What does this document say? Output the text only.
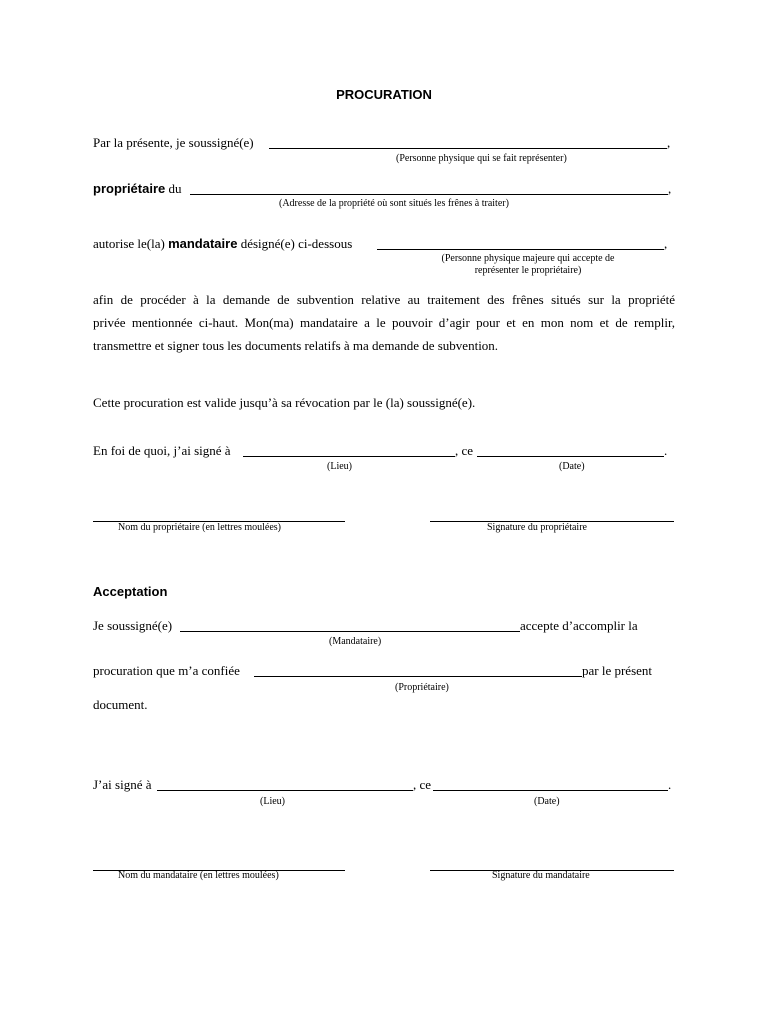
PROCURATION
Par la présente, je soussigné(e)	,
(Personne physique qui se fait représenter)
propriétaire du	,
(Adresse de la propriété où sont situés les frênes à traiter)
autorise le(la) mandataire désigné(e) ci-dessous	,
(Personne physique majeure qui accepte de
représenter le propriétaire)
afin de procéder à la demande de subvention relative au traitement des frênes situés sur la propriété
privée mentionnée ci-haut. Mon(ma) mandataire a le pouvoir d’agir pour et en mon nom et de remplir,
transmettre et signer tous les documents relatifs à ma demande de subvention.
Cette procuration est valide jusqu’à sa révocation par le (la) soussigné(e).
En foi de quoi, j’ai signé à	, ce	.
(Lieu)	(Date)
Nom du propriétaire (en lettres moulées)	Signature du propriétaire
Acceptation
Je soussigné(e)	accepte d’accomplir la
(Mandataire)
procuration que m’a confiée	par le présent
(Propriétaire)
document.
J’ai signé à	, ce	.
(Lieu)	(Date)
Nom du mandataire (en lettres moulées)	Signature du mandataire
